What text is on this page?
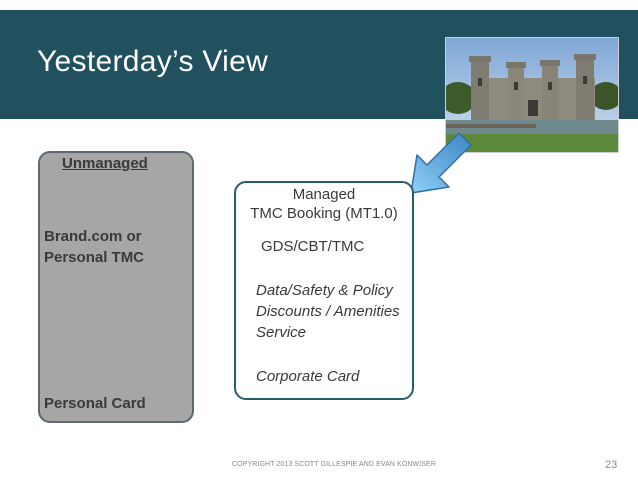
Yesterday’s View
Unmanaged
Brand.com or Personal TMC
Personal Card
Managed
TMC Booking (MT1.0)
GDS/CBT/TMC
Data/Safety & Policy
Discounts / Amenities
Service
Corporate Card
COPYRIGHT 2013 SCOTT GILLESPIE AND EVAN KONWISER	23
